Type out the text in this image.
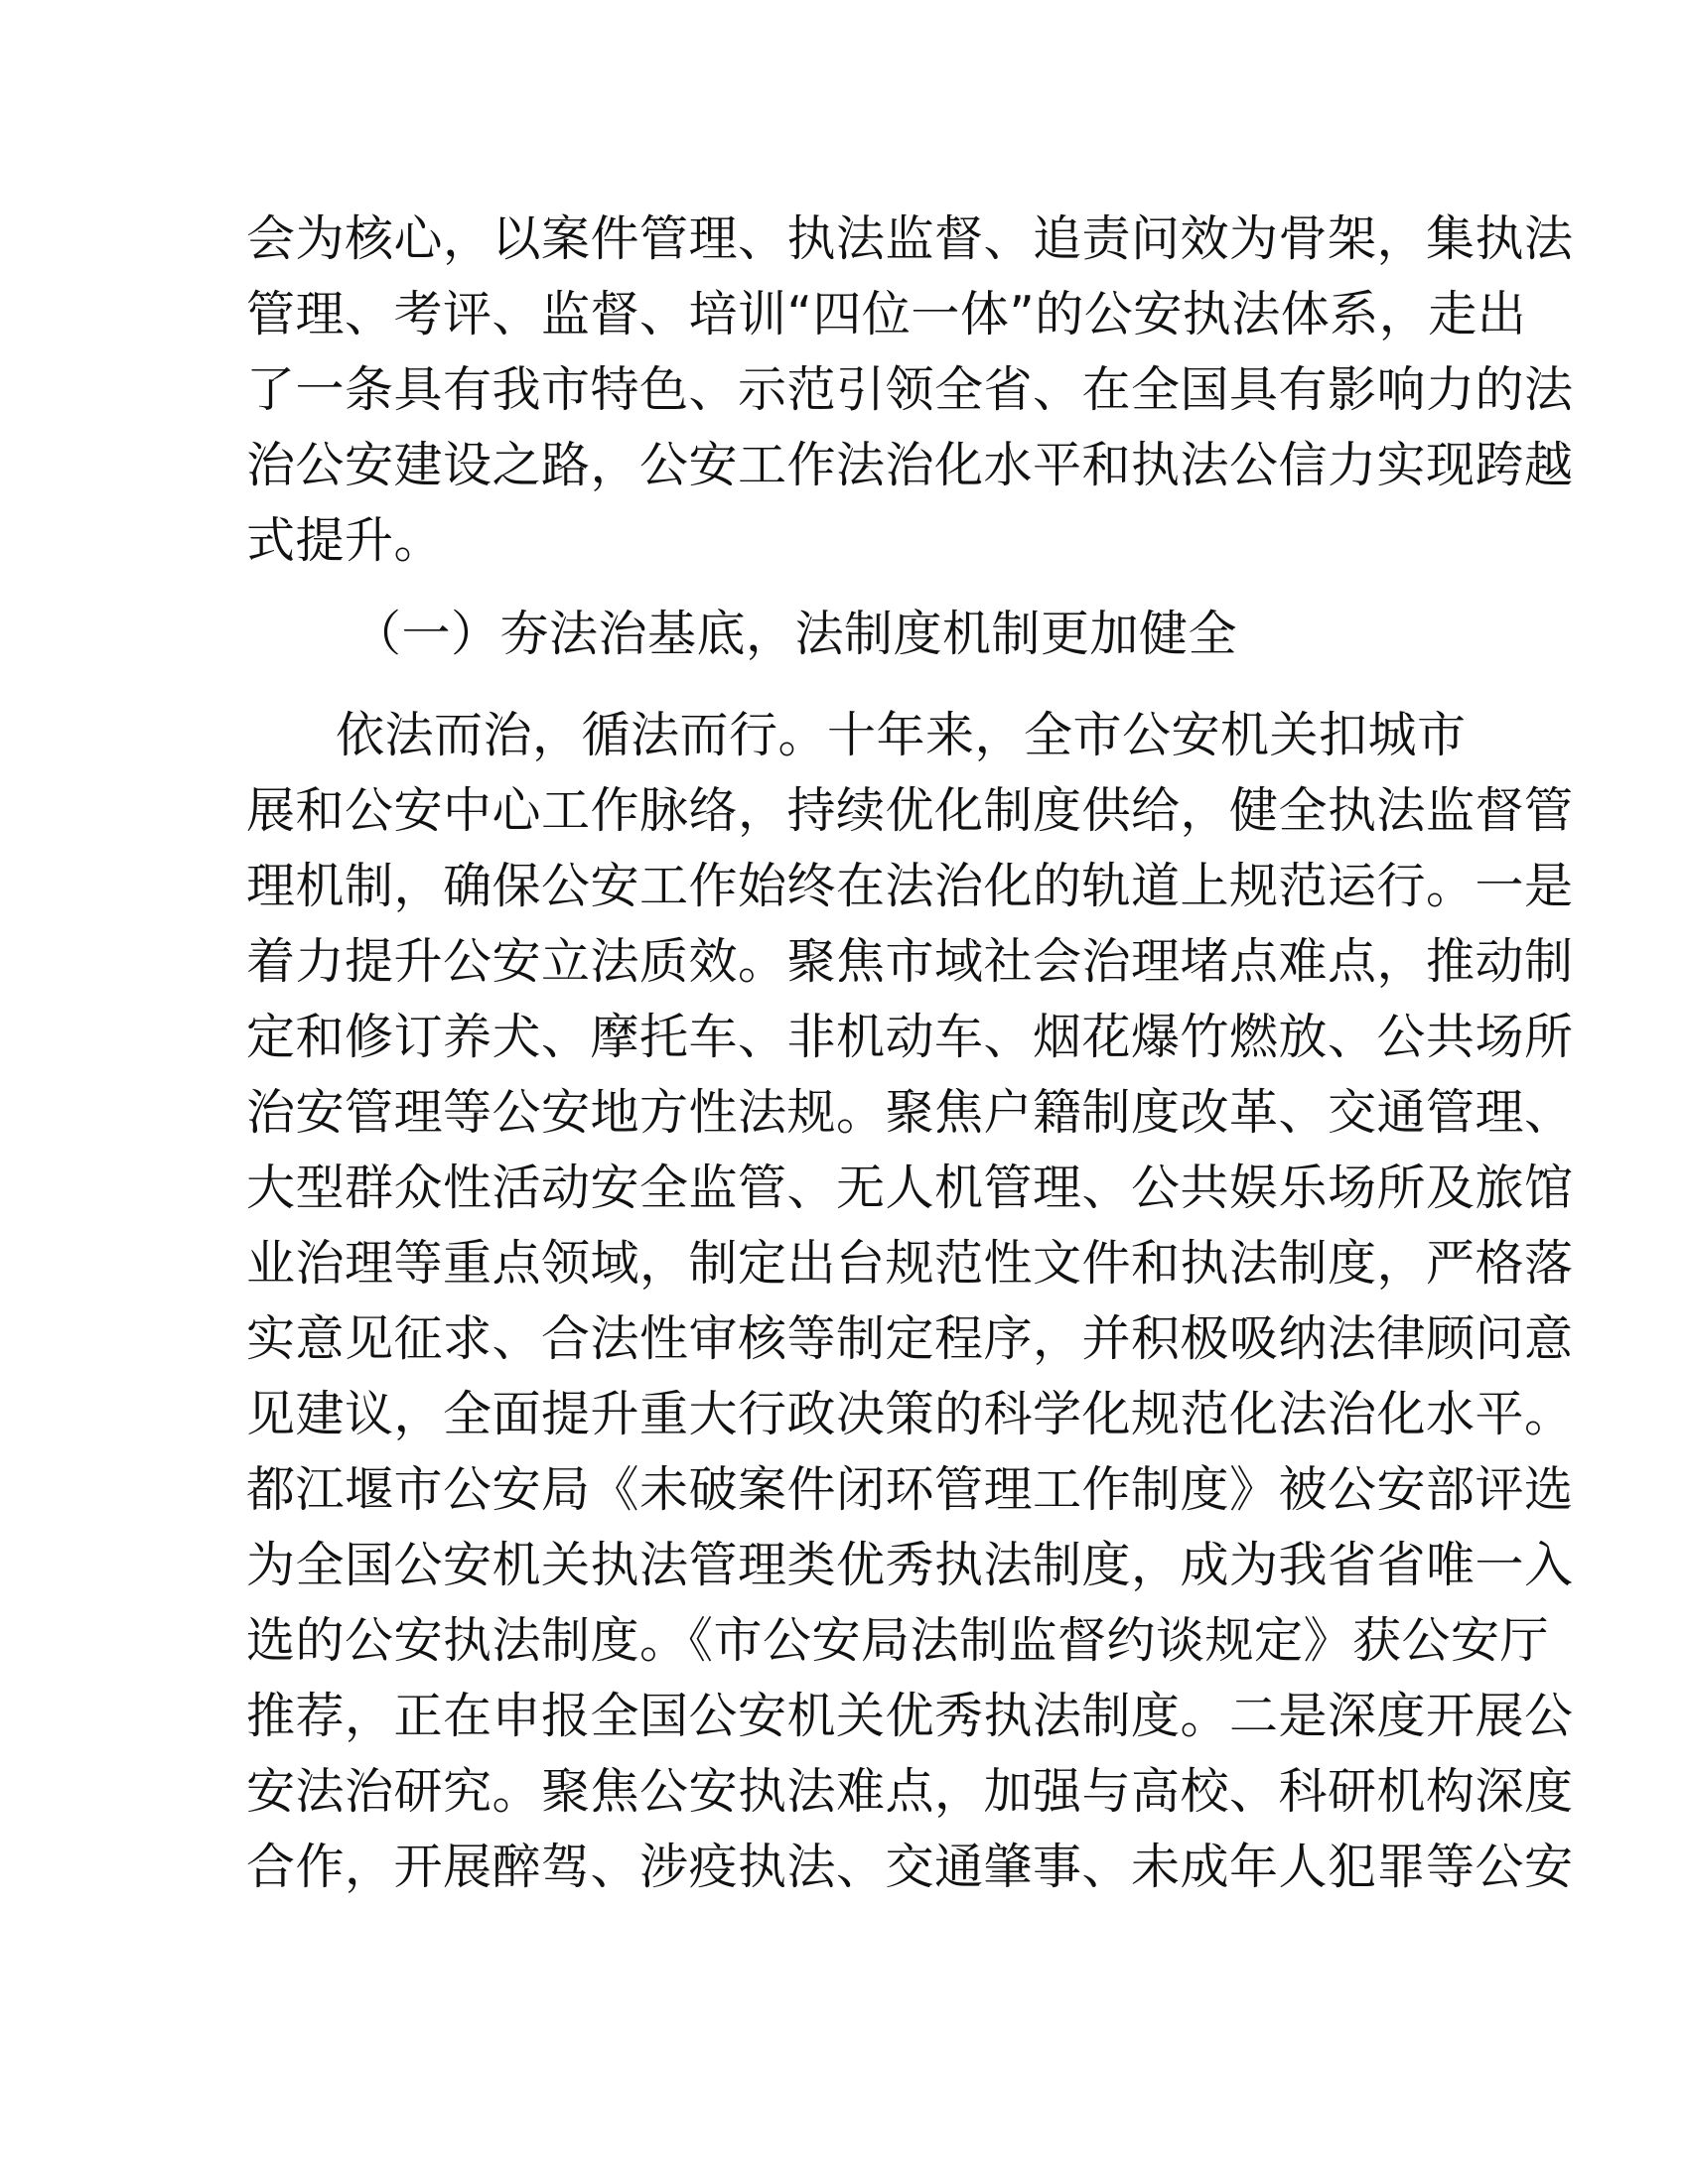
会为核心，以案件管理、执法监督、追责问效为骨架，集执法
管理、考评、监督、培训“四位一体”的公安执法体系，走出
了一条具有我市特色、示范引领全省、在全国具有影响力的法
治公安建设之路，公安工作法治化水平和执法公信力实现跨越
式提升。
（一）夯法治基底，法制度机制更加健全
依法而治，循法而行。十年来，全市公安机关扣城市
展和公安中心工作脉络，持续优化制度供给，健全执法监督管
理机制，确保公安工作始终在法治化的轨道上规范运行。一是
着力提升公安立法质效。聚焦市域社会治理堵点难点，推动制
定和修订养犬、摩托车、非机动车、烟花爆竹燃放、公共场所
治安管理等公安地方性法规。聚焦户籍制度改革、交通管理、
大型群众性活动安全监管、无人机管理、公共娱乐场所及旅馆
业治理等重点领域，制定出台规范性文件和执法制度，严格落
实意见征求、合法性审核等制定程序，并积极吸纳法律顾问意
见建议，全面提升重大行政决策的科学化规范化法治化水平。
都江堰市公安局《未破案件闭环管理工作制度》被公安部评选
为全国公安机关执法管理类优秀执法制度，成为我省省唯一入
选的公安执法制度。《市公安局法制监督约谈规定》获公安厅
推荐，正在申报全国公安机关优秀执法制度。二是深度开展公
安法治研究。聚焦公安执法难点，加强与高校、科研机构深度
合作，开展醉驾、涉疫执法、交通肇事、未成年人犯罪等公安
